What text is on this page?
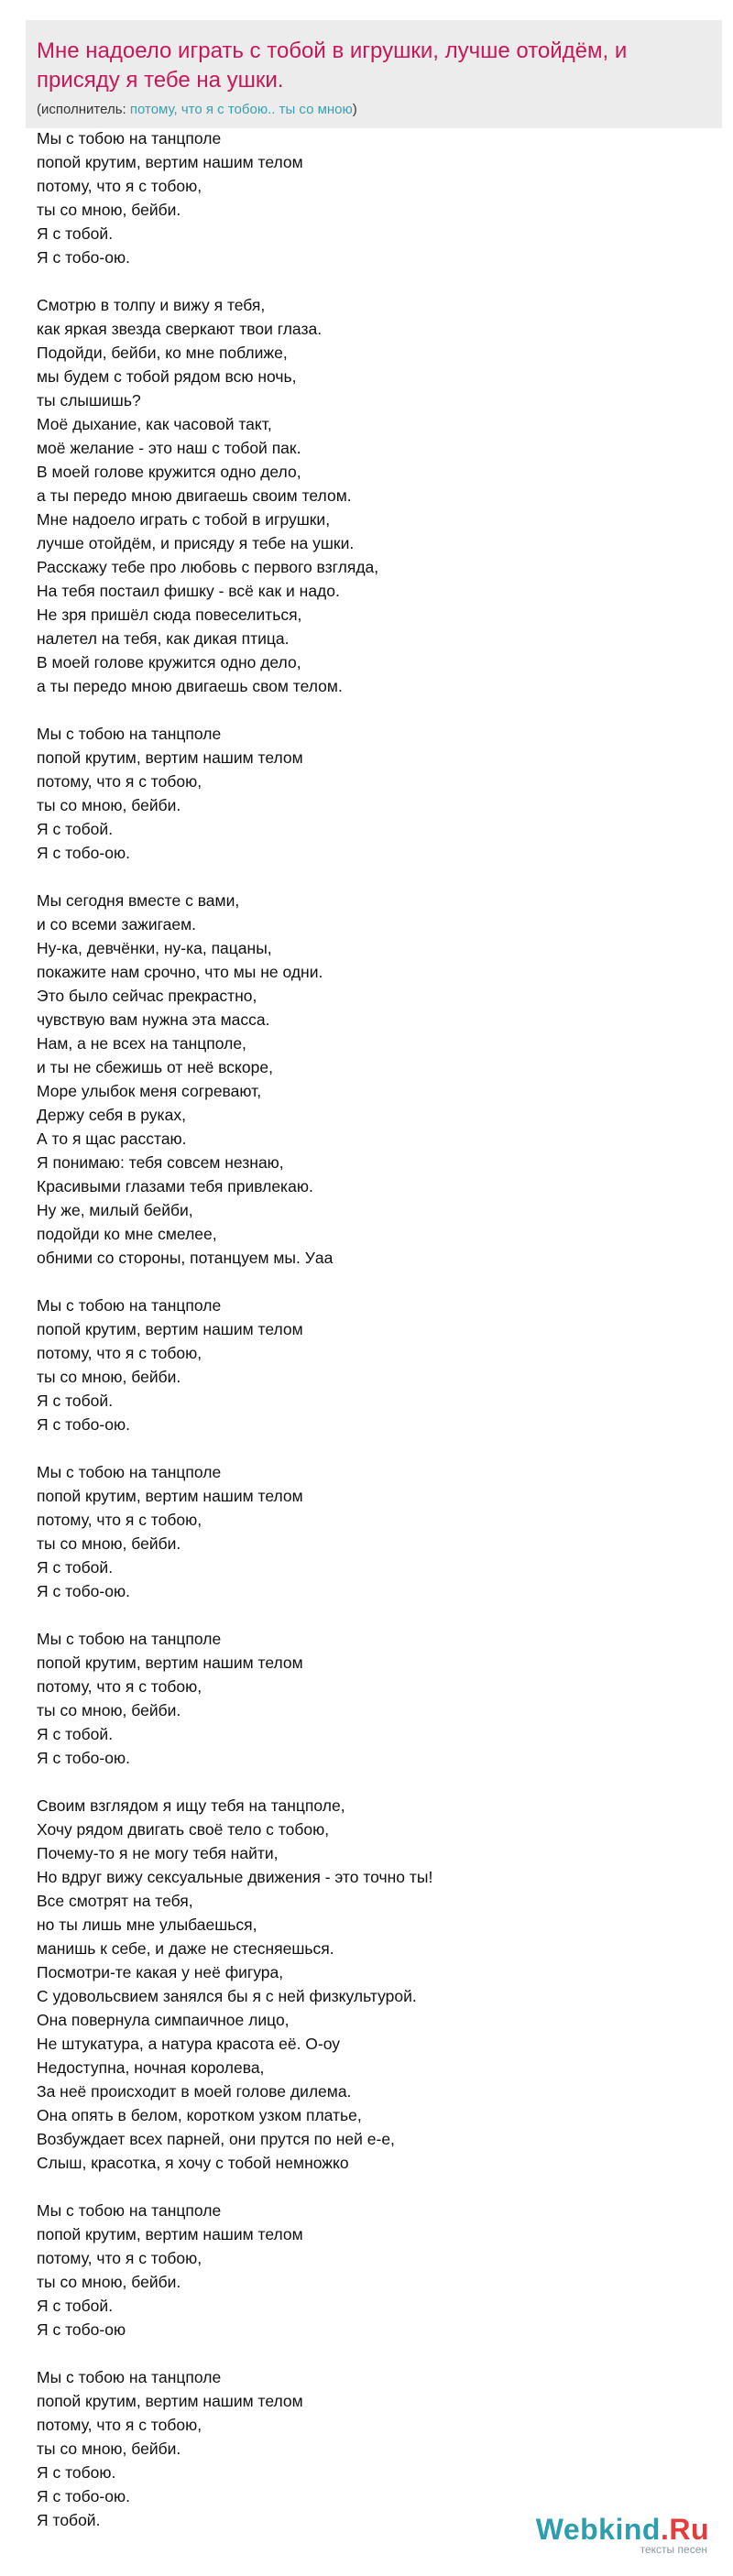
Мне надоело играть с тобой в игрушки, лучше отойдём, и присяду я тебе на ушки.
(исполнитель: потому, что я с тобою.. ты со мною)
Мы с тобою на танцполе
попой крутим, вертим нашим телом
потому, что я с тобою,
ты со мною, бейби.
Я с тобой.
Я с тобо-ою.

Смотрю в толпу и вижу я тебя,
как яркая звезда сверкают твои глаза.
Подойди, бейби, ко мне поближе,
мы будем с тобой рядом всю ночь,
ты слышишь?
Моё дыхание, как часовой такт,
моё желание - это наш с тобой пак.
В моей голове кружится одно дело,
а ты передо мною двигаешь своим телом.
Мне надоело играть с тобой в игрушки,
лучше отойдём, и присяду я тебе на ушки.
Расскажу тебе про любовь с первого взгляда,
На тебя постаил фишку - всё как и надо.
Не зря пришёл сюда повеселиться,
налетел на тебя, как дикая птица.
В моей голове кружится одно дело,
а ты передо мною двигаешь свом телом.

Мы с тобою на танцполе
попой крутим, вертим нашим телом
потому, что я с тобою,
ты со мною, бейби.
Я с тобой.
Я с тобо-ою.

Мы сегодня вместе с вами,
и со всеми зажигаем.
Ну-ка, девчёнки, ну-ка, пацаны,
покажите нам срочно, что мы не одни.
Это было сейчас прекрастно,
чувствую вам нужна эта масса.
Нам, а не всех на танцполе,
и ты не сбежишь от неё вскоре,
Море улыбок меня согревают,
Держу себя в руках,
А то я щас расстаю.
Я понимаю: тебя совсем незнаю,
Красивыми глазами тебя привлекаю.
Ну же, милый бейби,
подойди ко мне смелее,
обними со стороны, потанцуем мы. Уаа

Мы с тобою на танцполе
попой крутим, вертим нашим телом
потому, что я с тобою,
ты со мною, бейби.
Я с тобой.
Я с тобо-ою.

Мы с тобою на танцполе
попой крутим, вертим нашим телом
потому, что я с тобою,
ты со мною, бейби.
Я с тобой.
Я с тобо-ою.

Мы с тобою на танцполе
попой крутим, вертим нашим телом
потому, что я с тобою,
ты со мною, бейби.
Я с тобой.
Я с тобо-ою.

Своим взглядом я ищу тебя на танцполе,
Хочу рядом двигать своё тело с тобою,
Почему-то я не могу тебя найти,
Но вдруг вижу сексуальные движения - это точно ты!
Все смотрят на тебя,
но ты лишь мне улыбаешься,
манишь к себе, и даже не стесняешься.
Посмотри-те какая у неё фигура,
С удовольсвием занялся бы я с ней физкультурой.
Она повернула симпаичное лицо,
Не штукатура, а натура красота её. О-оу
Недоступна, ночная королева,
За неё происходит в моей голове дилема.
Она опять в белом, коротком узком платье,
Возбуждает всех парней, они прутся по ней е-е,
Слыш, красотка, я хочу с тобой немножко

Мы с тобою на танцполе
попой крутим, вертим нашим телом
потому, что я с тобою,
ты со мною, бейби.
Я с тобой.
Я с тобо-ою

Мы с тобою на танцполе
попой крутим, вертим нашим телом
потому, что я с тобою,
ты со мною, бейби.
Я с тобою.
Я с тобо-ою.
Я тобой.	Webkind.Ru
тексты песен
